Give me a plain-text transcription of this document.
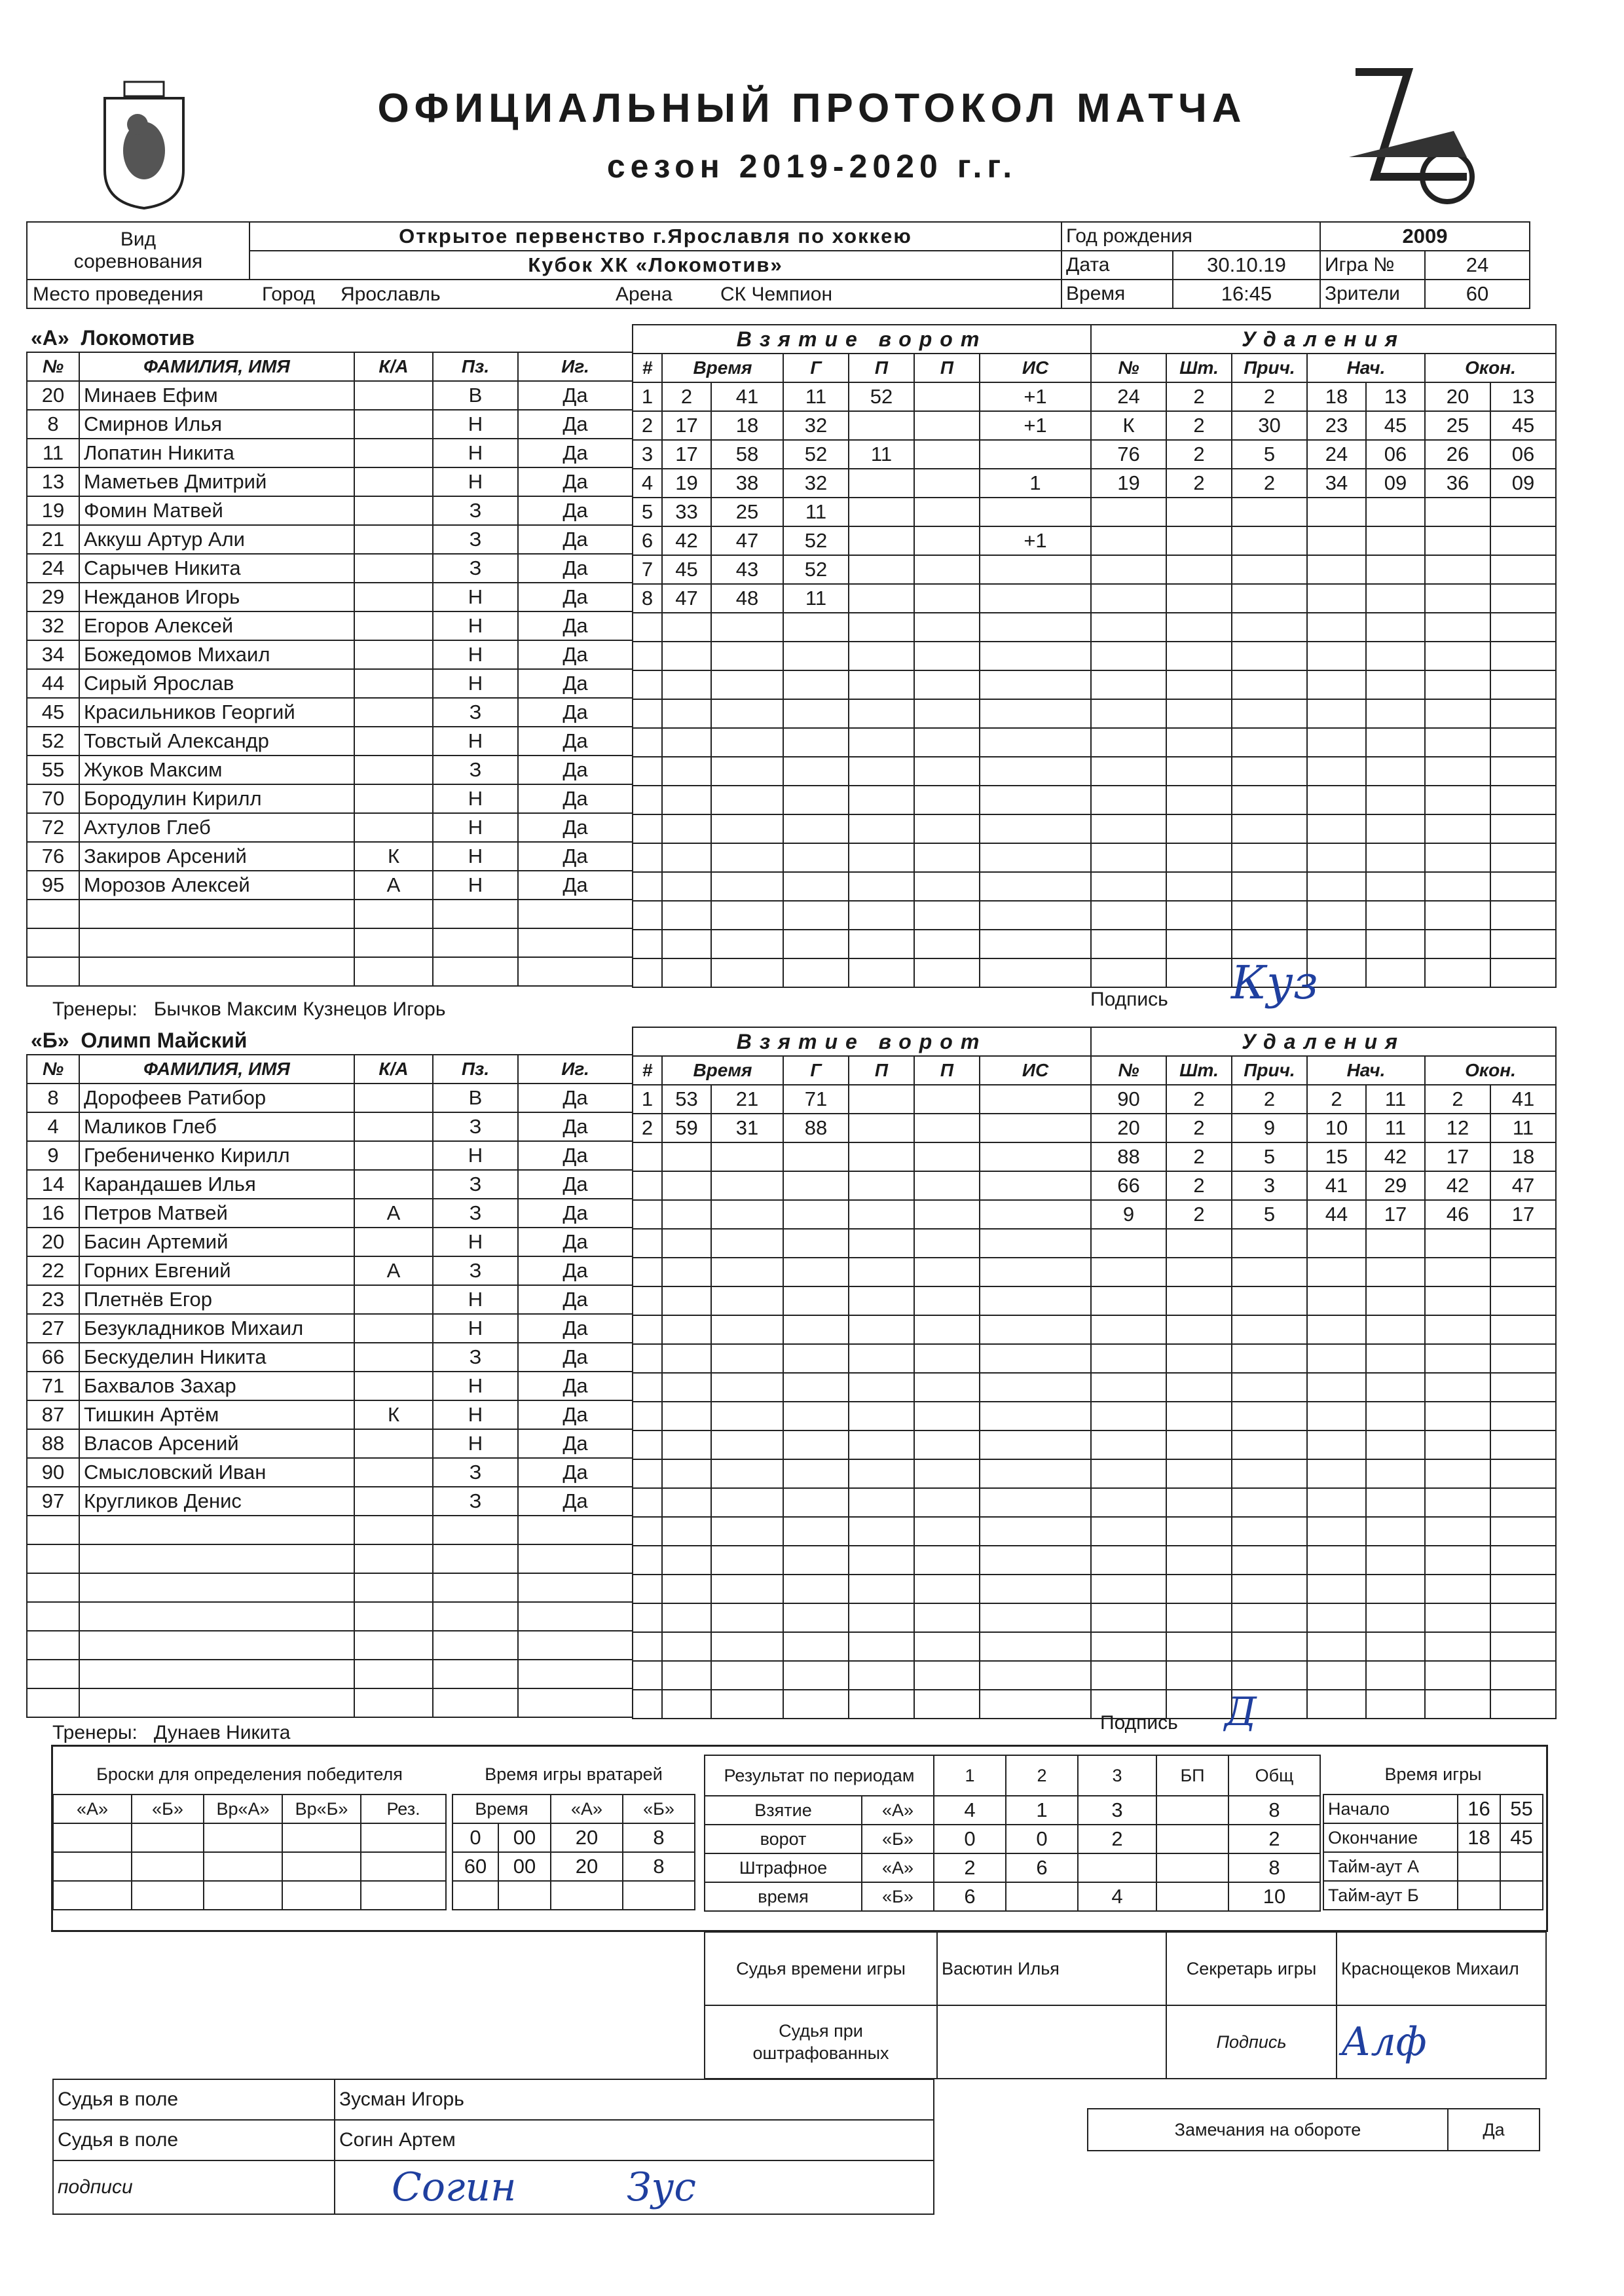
ОФИЦИАЛЬНЫЙ ПРОТОКОЛ МАТЧА
сезон 2019-2020 г.г.
Вид
соревнования	Открытое первенство г.Ярославля по хоккею	Год рождения		2009	
	Кубок ХК «Локомотив»	Дата	30.10.19	Игра №	24
Место проведения Город Ярославль Арена СК Чемпион		Время	16:45	Зрители	60
«А» Локомотив				
№	ФАМИЛИЯ, ИМЯ	К/А	Пз.	Иг.
20	Минаев Ефим		В	Да
8	Смирнов Илья		Н	Да
11	Лопатин Никита		Н	Да
13	Маметьев Дмитрий		Н	Да
19	Фомин Матвей		З	Да
21	Аккуш Артур Али		З	Да
24	Сарычев Никита		З	Да
29	Нежданов Игорь		Н	Да
32	Егоров Алексей		Н	Да
34	Божедомов Михаил		Н	Да
44	Сирый Ярослав		Н	Да
45	Красильников Георгий		З	Да
52	Товстый Александр		Н	Да
55	Жуков Максим		З	Да
70	Бородулин Кирилл		Н	Да
72	Ахтулов Глеб		Н	Да
76	Закиров Арсений	К	Н	Да
95	Морозов Алексей	А	Н	Да

Взятие ворот						
#	Время		Г	П	П	ИС
1	2	41	11	52		+1
2	17	18	32			+1
3	17	58	52	11		
4	19	38	32			1
5	33	25	11			
6	42	47	52			+1
7	45	43	52			
8	47	48	11			

Удаления						
№	Шт.	Прич.	Нач.		Окон.	
24	2	2	18	13	20	13
К	2	30	23	45	25	45
76	2	5	24	06	26	06
19	2	2	34	09	36	09

Тренеры: Бычков Максим Кузнецов Игорь	Подпись Куз
«Б» Олимп Майский				
№	ФАМИЛИЯ, ИМЯ	К/А	Пз.	Иг.
8	Дорофеев Ратибор		В	Да
4	Маликов Глеб		З	Да
9	Гребениченко Кирилл		Н	Да
14	Карандашев Илья		З	Да
16	Петров Матвей	А	З	Да
20	Басин Артемий		Н	Да
22	Горних Евгений	А	З	Да
23	Плетнёв Егор		Н	Да
27	Безукладников Михаил		Н	Да
66	Бескуделин Никита		З	Да
71	Бахвалов Захар		Н	Да
87	Тишкин Артём	К	Н	Да
88	Власов Арсений		Н	Да
90	Смысловский Иван		З	Да
97	Кругликов Денис		З	Да

Взятие ворот						
#	Время		Г	П	П	ИС
1	53	21	71			
2	59	31	88			

Удаления						
№	Шт.	Прич.	Нач.		Окон.	
90	2	2	2	11	2	41
20	2	9	10	11	12	11
88	2	5	15	42	17	18
66	2	3	41	29	42	47
9	2	5	44	17	46	17

Тренеры: Дунаев Никита	Подпись Д
Броски для определения победителя				
«А»	«Б»	Вр«А»	Вр«Б»	Рез.

Время игры вратарей			
Время		«А»	«Б»
0	00	20	8
60	00	20	8

Результат по периодам		1	2	3	БП	Общ
Взятие	«А»	4	1	3		8
ворот	«Б»	0	0	2		2
Штрафное	«А»	2	6			8
время	«Б»	6		4		10
Время игры		
Начало	16	55
Окончание	18	45
Тайм-аут А		
Тайм-аут Б		
Судья времени игры	Васютин Илья	Секретарь игры	Краснощеков Михаил
Судья при оштрафованных		Подпись	Алф
Судья в поле	Зусман Игорь
Судья в поле	Согин Артем
подписи	Согин Зус
Замечания на обороте	Да
